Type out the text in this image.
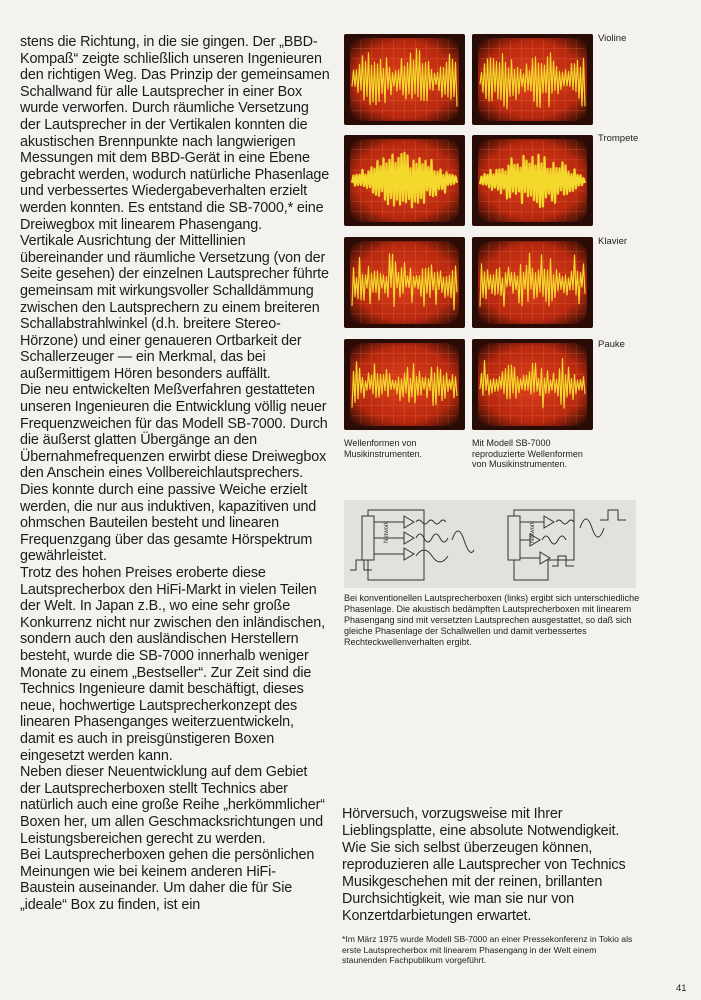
stens die Richtung, in die sie gingen. Der „BBD-Kompaß“ zeigte schließlich unseren Ingenieuren den richtigen Weg. Das Prinzip der gemeinsamen Schallwand für alle Lautsprecher in einer Box wurde verworfen. Durch räumliche Versetzung der Lautsprecher in der Vertikalen konnten die akustischen Brennpunkte nach langwierigen Messungen mit dem BBD-Gerät in eine Ebene gebracht werden, wodurch natürliche Phasenlage und verbessertes Wiedergabeverhalten erzielt werden konnten. Es entstand die SB-7000,* eine Dreiwegbox mit linearem Phasengang.

Vertikale Ausrichtung der Mittellinien übereinander und räumliche Versetzung (von der Seite gesehen) der einzelnen Lautsprecher führte gemeinsam mit wirkungsvoller Schalldämmung zwischen den Lautsprechern zu einem breiteren Schallabstrahlwinkel (d.h. breitere Stereo-Hörzone) und einer genaueren Ortbarkeit der Schallerzeuger — ein Merkmal, das bei außermittigem Hören besonders auffällt.

Die neu entwickelten Meßverfahren gestatteten unseren Ingenieuren die Entwicklung völlig neuer Frequenzweichen für das Modell SB-7000. Durch die äußerst glatten Übergänge an den Übernahmefrequenzen erwirbt diese Dreiwegbox den Anschein eines Vollbereichlautsprechers. Dies konnte durch eine passive Weiche erzielt werden, die nur aus induktiven, kapazitiven und ohmschen Bauteilen besteht und linearen Frequenzgang über das gesamte Hörspektrum gewährleistet.

Trotz des hohen Preises eroberte diese Lautsprecherbox den HiFi-Markt in vielen Teilen der Welt. In Japan z.B., wo eine sehr große Konkurrenz nicht nur zwischen den inländischen, sondern auch den ausländischen Herstellern besteht, wurde die SB-7000 innerhalb weniger Monate zu einem „Bestseller“. Zur Zeit sind die Technics Ingenieure damit beschäftigt, dieses neue, hochwertige Lautsprecherkonzept des linearen Phasenganges weiterzuentwickeln, damit es auch in preisgünstigeren Boxen eingesetzt werden kann.

Neben dieser Neuentwicklung auf dem Gebiet der Lautsprecherboxen stellt Technics aber natürlich auch eine große Reihe „herkömmlicher“ Boxen her, um allen Geschmacksrichtungen und Leistungsbereichen gerecht zu werden.

Bei Lautsprecherboxen gehen die persönlichen Meinungen wie bei keinem anderen HiFi-Baustein auseinander. Um daher die für Sie „ideale“ Box zu finden, ist ein

Violine
Trompete
Klavier
Pauke
Wellenformen von Musikinstrumenten.
Mit Modell SB-7000 reproduzierte Wellenformen von Musikinstrumenten.
Network	Network
Bei konventionellen Lautsprecherboxen (links) ergibt sich unterschiedliche Phasenlage. Die akustisch bedämpften Lautsprecherboxen mit linearem Phasengang sind mit versetzten Lautsprechen ausgestattet, so daß sich gleiche Phasenlage der Schallwellen und damit verbessertes Rechteckwellenverhalten ergibt.

Hörversuch, vorzugsweise mit Ihrer Lieblingsplatte, eine absolute Notwendigkeit. Wie Sie sich selbst überzeugen können, reproduzieren alle Lautsprecher von Technics Musikgeschehen mit der reinen, brillanten Durchsichtigkeit, wie man sie nur von Konzertdarbietungen erwartet.

*Im März 1975 wurde Modell SB-7000 an einer Pressekonferenz in Tokio als erste Lautsprecherbox mit linearem Phasengang in der Welt einem staunenden Fachpublikum vorgeführt.
41
